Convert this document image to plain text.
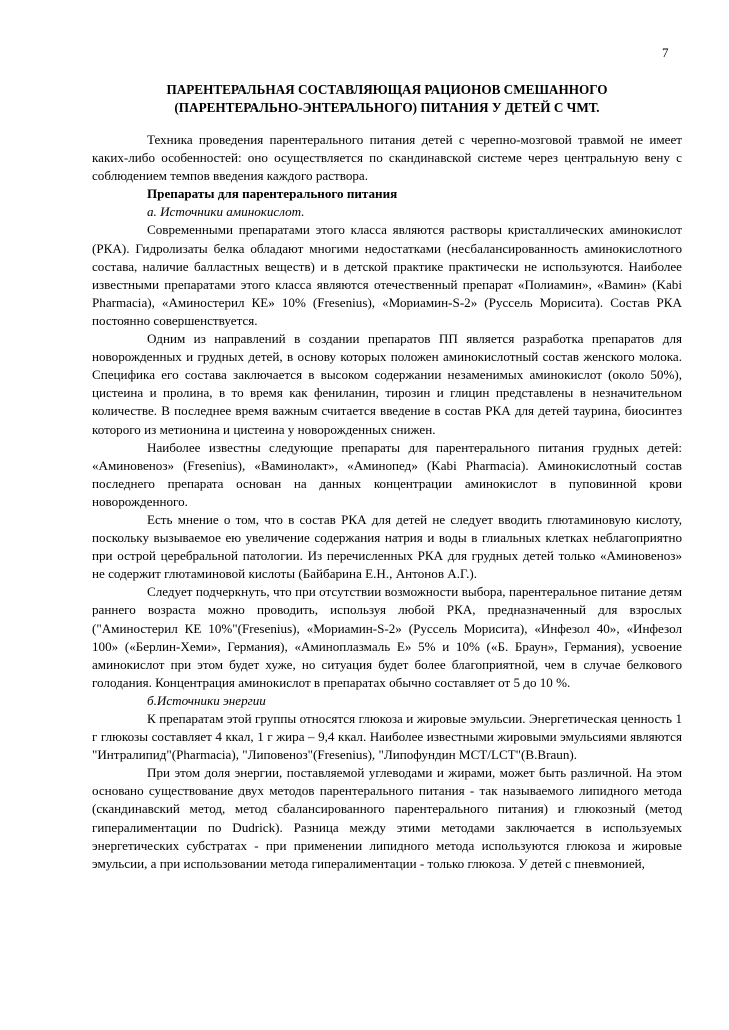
7
ПАРЕНТЕРАЛЬНАЯ СОСТАВЛЯЮЩАЯ РАЦИОНОВ СМЕШАННОГО
(ПАРЕНТЕРАЛЬНО-ЭНТЕРАЛЬНОГО) ПИТАНИЯ У ДЕТЕЙ С ЧМТ.

Техника проведения парентерального питания детей с черепно-мозговой травмой не имеет каких-либо особенностей: оно осуществляется по скандинавской системе через центральную вену с соблюдением темпов введения каждого раствора.

Препараты для парентерального питания

а. Источники аминокислот.

Современными препаратами этого класса являются растворы кристаллических аминокислот (РКА). Гидролизаты белка обладают многими недостатками (несбалансированность аминокислотного состава, наличие балластных веществ) и в детской практике практически не используются. Наиболее известными препаратами этого класса являются отечественный препарат «Полиамин», «Вамин» (Kabi Pharmacia), «Аминостерил КЕ» 10% (Fresenius), «Мориамин-S-2» (Руссель Морисита). Состав РКА постоянно совершенствуется.

Одним из направлений в создании препаратов ПП является разработка препаратов для новорожденных и грудных детей, в основу которых положен аминокислотный состав женского молока. Специфика его состава заключается в высоком содержании незаменимых аминокислот (около 50%), цистеина и пролина, в то время как фениланин, тирозин и глицин представлены в незначительном количестве. В последнее время важным считается введение в состав РКА для детей таурина, биосинтез которого из метионина и цистеина у новорожденных снижен.

Наиболее известны следующие препараты для парентерального питания грудных детей: «Аминовеноз» (Fresenius), «Ваминолакт», «Аминопед» (Kabi Pharmacia). Аминокислотный состав последнего препарата основан на данных концентрации аминокислот в пуповинной крови новорожденного.

Есть мнение о том, что в состав РКА для детей не следует вводить глютаминовую кислоту, поскольку вызываемое ею увеличение содержания натрия и воды в глиальных клетках неблагоприятно при острой церебральной патологии. Из перечисленных РКА для грудных детей только «Аминовеноз» не содержит глютаминовой кислоты (Байбарина Е.Н., Антонов А.Г.).

Следует подчеркнуть, что при отсутствии возможности выбора, парентеральное питание детям раннего возраста можно проводить, используя любой РКА, предназначенный для взрослых ("Аминостерил КЕ 10%"(Fresenius), «Мориамин-S-2» (Руссель Морисита), «Инфезол 40», «Инфезол 100» («Берлин-Хеми», Германия), «Аминоплазмаль Е» 5% и 10% («Б. Браун», Германия), усвоение аминокислот при этом будет хуже, но ситуация будет более благоприятной, чем в случае белкового голодания. Концентрация аминокислот в препаратах обычно составляет от 5 до 10 %.

б.Источники энергии

К препаратам этой группы относятся глюкоза и жировые эмульсии. Энергетическая ценность 1 г глюкозы составляет 4 ккал, 1 г жира – 9,4 ккал. Наиболее известными жировыми эмульсиями являются "Интралипид"(Pharmacia), "Липовеноз"(Fresenius), "Липофундин MCT/LCT"(B.Braun).

При этом доля энергии, поставляемой углеводами и жирами, может быть различной. На этом основано существование двух методов парентерального питания - так называемого липидного метода (скандинавский метод, метод сбалансированного парентерального питания) и глюкозный (метод гипералиментации по Dudrick). Разница между этими методами заключается в используемых энергетических субстратах - при применении липидного метода используются глюкоза и жировые эмульсии, а при использовании метода гипералиментации - только глюкоза. У детей с пневмонией,
